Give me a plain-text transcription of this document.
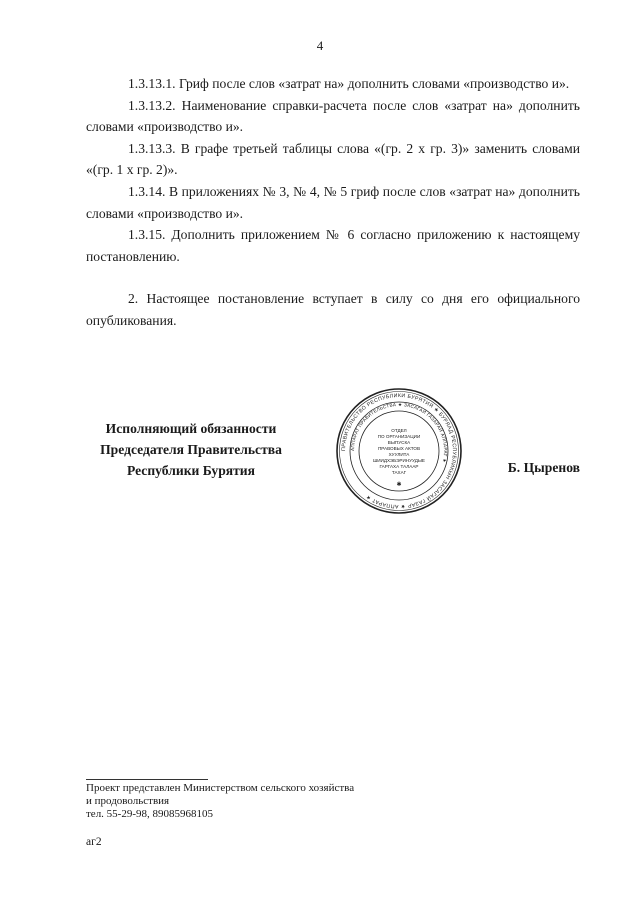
4

1.3.13.1. Гриф после слов «затрат на» дополнить словами «производство и».

1.3.13.2. Наименование справки-расчета после слов «затрат на» дополнить словами «производство и».

1.3.13.3. В графе третьей таблицы слова «(гр. 2 х гр. 3)» заменить словами «(гр. 1 х гр. 2)».

1.3.14. В приложениях № 3, № 4, № 5 гриф после слов «затрат на» дополнить словами «производство и».

1.3.15. Дополнить приложением № 6 согласно приложению к настоящему постановлению.

2. Настоящее постановление вступает в силу со дня его официального опубликования.

Исполняющий обязанности
Председателя Правительства
Республики Бурятия
ПРАВИТЕЛЬСТВО РЕСПУБЛИКИ БУРЯТИЯ ★ БУРЯАД РЕСПУБЛИКЫН ЗАСАГАЙ ГАЗАР ★ АППАРАТ ★
АППАРАТ ПРАВИТЕЛЬСТВА ★ ЗАСАГАЙ ГАЗАРАЙ АППАРАТ ★
ОТДЕЛ
ПО ОРГАНИЗАЦИИ
ВЫПУСКА
ПРАВОВЫХ АКТОВ
ХУУЛИТА
ШИИДХЭБЭРИНУУДЫЕ
ГАРГАХА ТАЛААР
ТАХАГ
✱
Б. Цыренов
Проект представлен Министерством сельского хозяйства
и продовольствия
тел. 55-29-98, 89085968105
аг2
